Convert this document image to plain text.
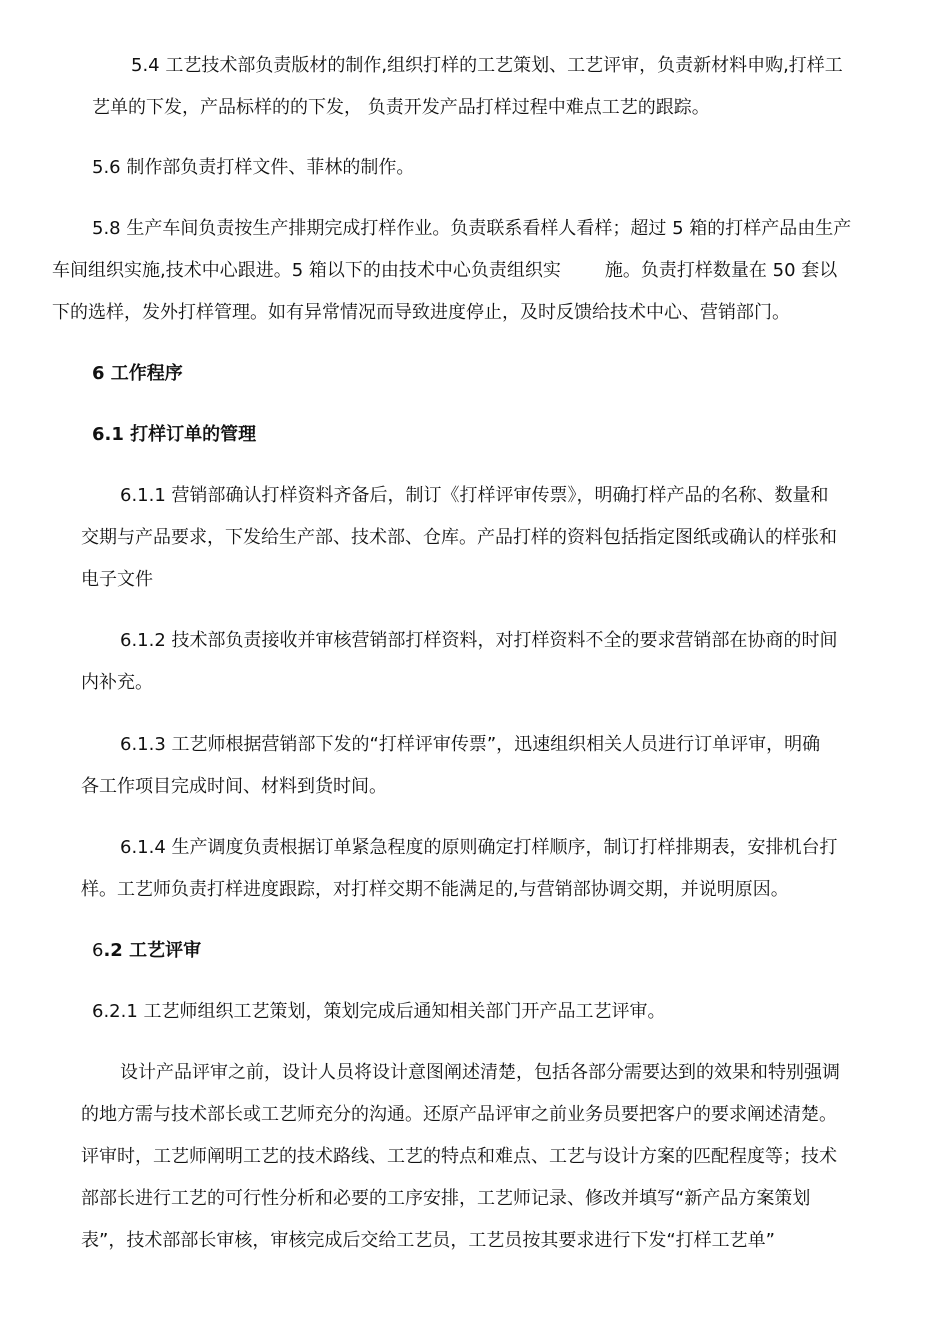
5.4 工艺技术部负责版材的制作,组织打样的工艺策划、工艺评审，负责新材料申购,打样工

艺单的下发，产品标样的的下发， 负责开发产品打样过程中难点工艺的跟踪。

5.6 制作部负责打样文件、菲林的制作。

5.8 生产车间负责按生产排期完成打样作业。负责联系看样人看样；超过 5 箱的打样产品由生产

车间组织实施,技术中心跟进。5 箱以下的由技术中心负责组织实 施。负责打样数量在 50 套以

下的选样，发外打样管理。如有异常情况而导致进度停止，及时反馈给技术中心、营销部门。

6 工作程序

6.1 打样订单的管理

6.1.1 营销部确认打样资料齐备后，制订《打样评审传票》，明确打样产品的名称、数量和

交期与产品要求，下发给生产部、技术部、仓库。产品打样的资料包括指定图纸或确认的样张和

电子文件

6.1.2 技术部负责接收并审核营销部打样资料，对打样资料不全的要求营销部在协商的时间

内补充。

6.1.3 工艺师根据营销部下发的“打样评审传票”，迅速组织相关人员进行订单评审，明确

各工作项目完成时间、材料到货时间。

6.1.4 生产调度负责根据订单紧急程度的原则确定打样顺序，制订打样排期表，安排机台打

样。工艺师负责打样进度跟踪，对打样交期不能满足的,与营销部协调交期，并说明原因。

6.2 工艺评审

6.2.1 工艺师组织工艺策划，策划完成后通知相关部门开产品工艺评审。

设计产品评审之前，设计人员将设计意图阐述清楚，包括各部分需要达到的效果和特别强调

的地方需与技术部长或工艺师充分的沟通。还原产品评审之前业务员要把客户的要求阐述清楚。

评审时，工艺师阐明工艺的技术路线、工艺的特点和难点、工艺与设计方案的匹配程度等；技术

部部长进行工艺的可行性分析和必要的工序安排，工艺师记录、修改并填写“新产品方案策划

表”，技术部部长审核，审核完成后交给工艺员，工艺员按其要求进行下发“打样工艺单”
